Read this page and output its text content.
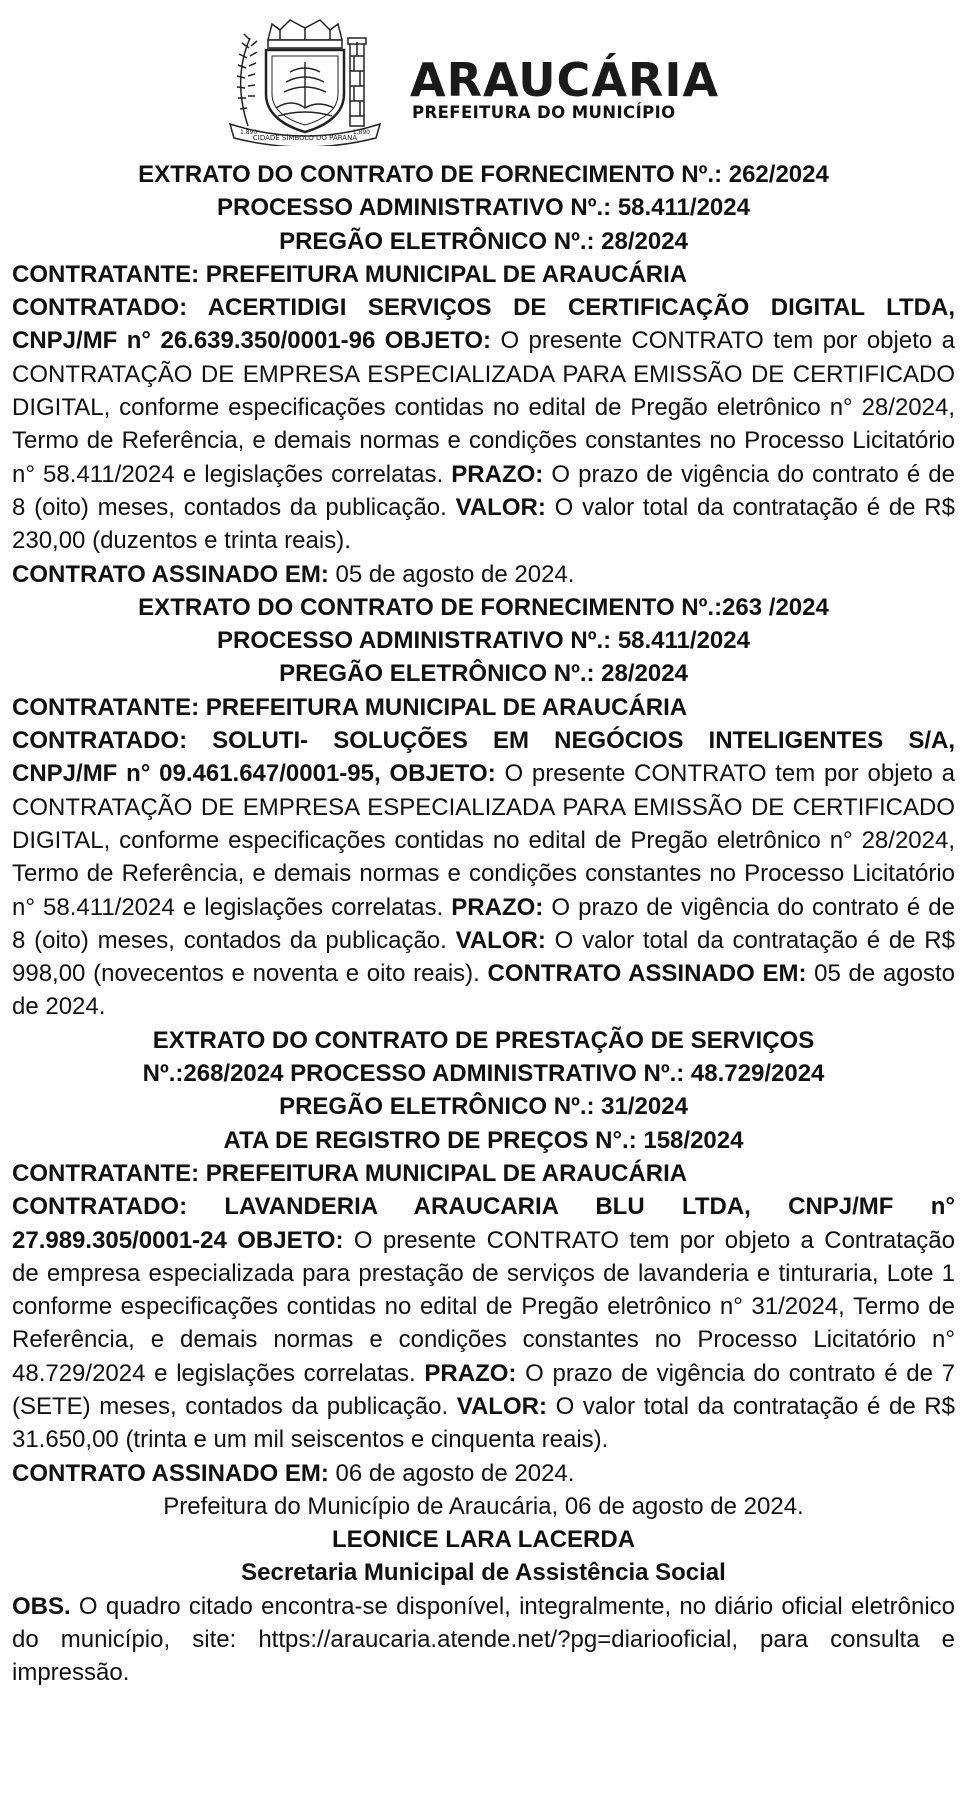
1.890
CIDADE SÍMBOLO DO PARANÁ
1.890
ARAUCÁRIA
PREFEITURA DO MUNICÍPIO
EXTRATO DO CONTRATO DE FORNECIMENTO Nº.: 262/2024
PROCESSO ADMINISTRATIVO Nº.: 58.411/2024
PREGÃO ELETRÔNICO Nº.: 28/2024
CONTRATANTE: PREFEITURA MUNICIPAL DE ARAUCÁRIA
CONTRATADO: ACERTIDIGI SERVIÇOS DE CERTIFICAÇÃO DIGITAL LTDA, CNPJ/MF n° 26.639.350/0001-96 OBJETO: O presente CONTRATO tem por objeto a CONTRATAÇÃO DE EMPRESA ESPECIALIZADA PARA EMISSÃO DE CERTIFICADO DIGITAL, conforme especificações contidas no edital de Pregão eletrônico n° 28/2024, Termo de Referência, e demais normas e condições constantes no Processo Licitatório n° 58.411/2024 e legislações correlatas. PRAZO: O prazo de vigência do contrato é de 8 (oito) meses, contados da publicação. VALOR: O valor total da contratação é de R$ 230,00 (duzentos e trinta reais).
CONTRATO ASSINADO EM: 05 de agosto de 2024.
EXTRATO DO CONTRATO DE FORNECIMENTO Nº.:263 /2024
PROCESSO ADMINISTRATIVO Nº.: 58.411/2024
PREGÃO ELETRÔNICO Nº.: 28/2024
CONTRATANTE: PREFEITURA MUNICIPAL DE ARAUCÁRIA
CONTRATADO: SOLUTI- SOLUÇÕES EM NEGÓCIOS INTELIGENTES S/A, CNPJ/MF n° 09.461.647/0001-95, OBJETO: O presente CONTRATO tem por objeto a CONTRATAÇÃO DE EMPRESA ESPECIALIZADA PARA EMISSÃO DE CERTIFICADO DIGITAL, conforme especificações contidas no edital de Pregão eletrônico n° 28/2024, Termo de Referência, e demais normas e condições constantes no Processo Licitatório n° 58.411/2024 e legislações correlatas. PRAZO: O prazo de vigência do contrato é de 8 (oito) meses, contados da publicação. VALOR: O valor total da contratação é de R$ 998,00 (novecentos e noventa e oito reais). CONTRATO ASSINADO EM: 05 de agosto de 2024.
EXTRATO DO CONTRATO DE PRESTAÇÃO DE SERVIÇOS
Nº.:268/2024 PROCESSO ADMINISTRATIVO Nº.: 48.729/2024
PREGÃO ELETRÔNICO Nº.: 31/2024
ATA DE REGISTRO DE PREÇOS N°.: 158/2024
CONTRATANTE: PREFEITURA MUNICIPAL DE ARAUCÁRIA
CONTRATADO: LAVANDERIA ARAUCARIA BLU LTDA, CNPJ/MF n° 27.989.305/0001-24 OBJETO: O presente CONTRATO tem por objeto a Contratação de empresa especializada para prestação de serviços de lavanderia e tinturaria, Lote 1 conforme especificações contidas no edital de Pregão eletrônico n° 31/2024, Termo de Referência, e demais normas e condições constantes no Processo Licitatório n° 48.729/2024 e legislações correlatas. PRAZO: O prazo de vigência do contrato é de 7 (SETE) meses, contados da publicação. VALOR: O valor total da contratação é de R$ 31.650,00 (trinta e um mil seiscentos e cinquenta reais).
CONTRATO ASSINADO EM: 06 de agosto de 2024.
Prefeitura do Município de Araucária, 06 de agosto de 2024.
LEONICE LARA LACERDA
Secretaria Municipal de Assistência Social
OBS. O quadro citado encontra-se disponível, integralmente, no diário oficial eletrônico do município, site: https://araucaria.atende.net/?pg=diariooficial, para consulta e impressão.
